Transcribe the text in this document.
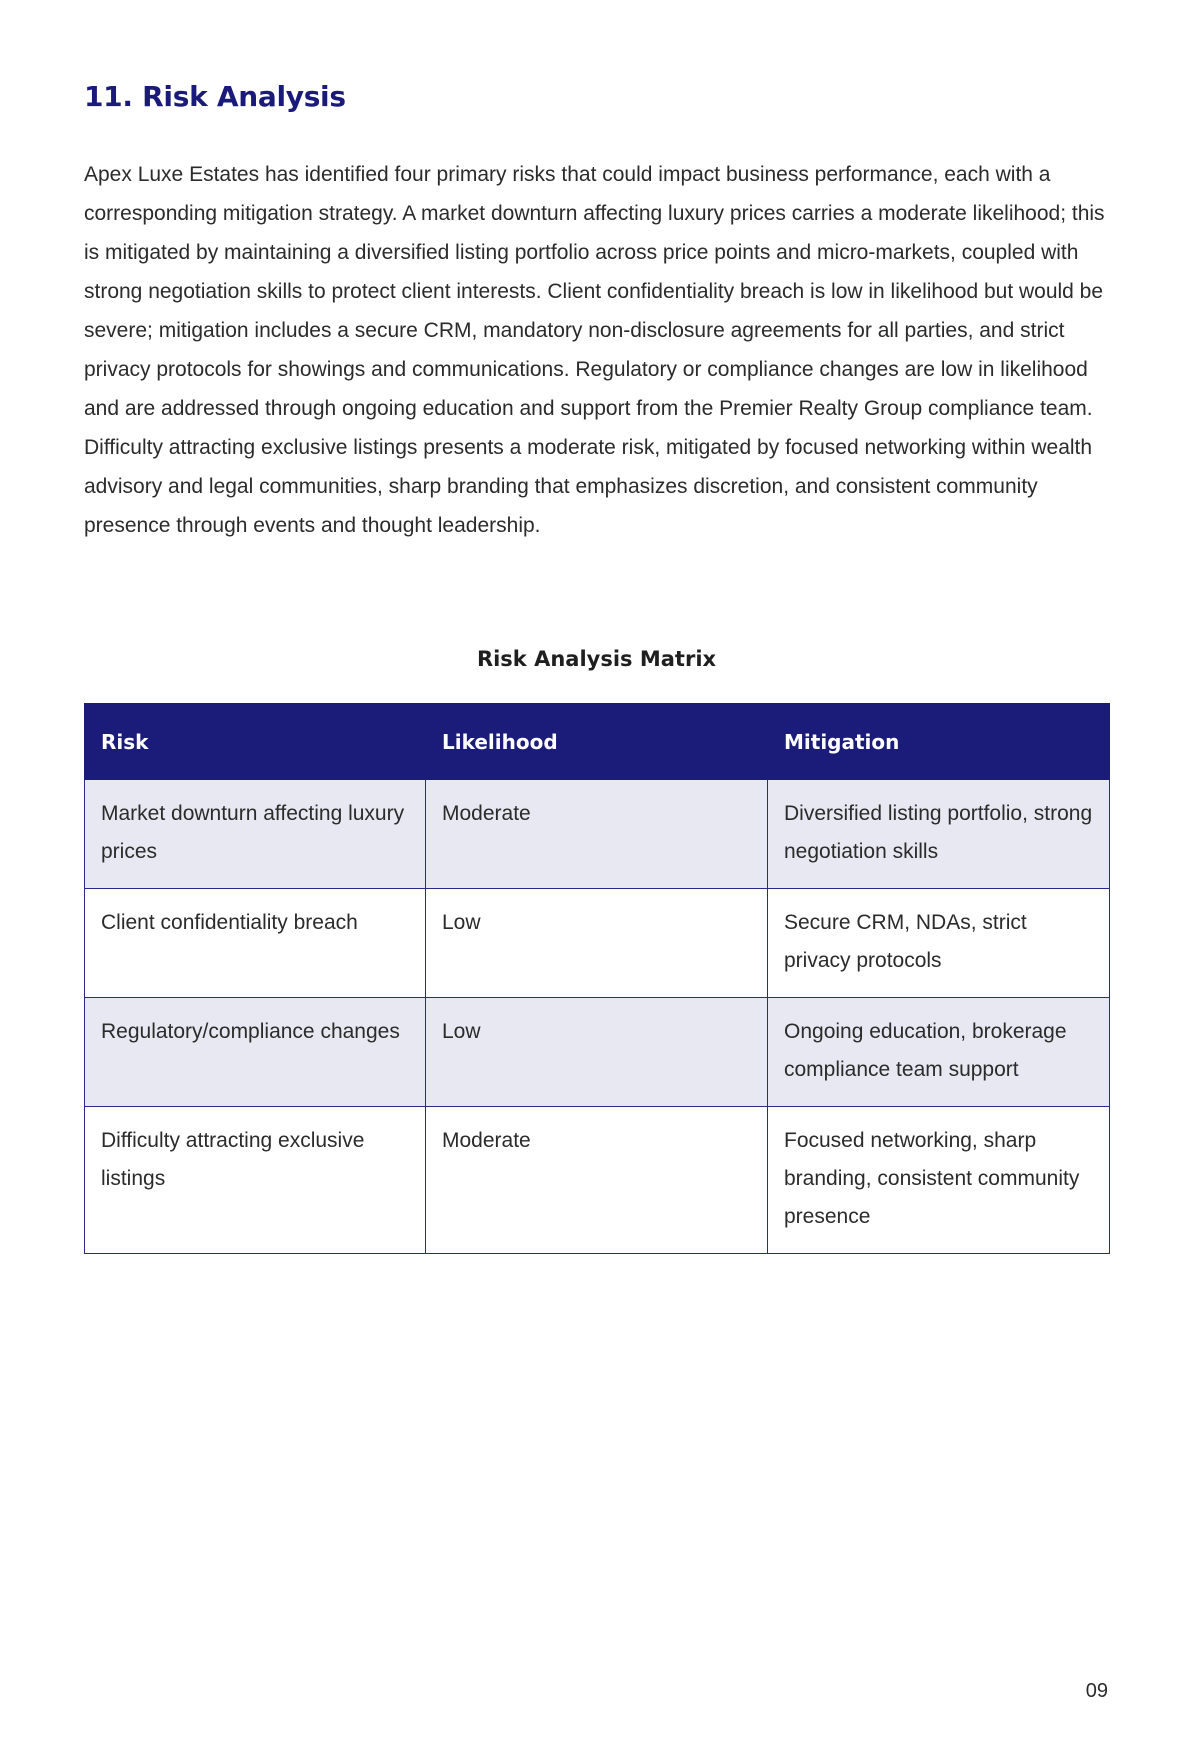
11. Risk Analysis

Apex Luxe Estates has identified four primary risks that could impact business performance, each with a corresponding mitigation strategy. A market downturn affecting luxury prices carries a moderate likelihood; this is mitigated by maintaining a diversified listing portfolio across price points and micro-markets, coupled with strong negotiation skills to protect client interests. Client confidentiality breach is low in likelihood but would be severe; mitigation includes a secure CRM, mandatory non-disclosure agreements for all parties, and strict privacy protocols for showings and communications. Regulatory or compliance changes are low in likelihood and are addressed through ongoing education and support from the Premier Realty Group compliance team. Difficulty attracting exclusive listings presents a moderate risk, mitigated by focused networking within wealth advisory and legal communities, sharp branding that emphasizes discretion, and consistent community presence through events and thought leadership.

Risk Analysis Matrix
Risk	Likelihood	Mitigation
Market downturn affecting luxury prices	Moderate	Diversified listing portfolio, strong negotiation skills
Client confidentiality breach	Low	Secure CRM, NDAs, strict privacy protocols
Regulatory/compliance changes	Low	Ongoing education, brokerage compliance team support
Difficulty attracting exclusive listings	Moderate	Focused networking, sharp branding, consistent community presence
09
